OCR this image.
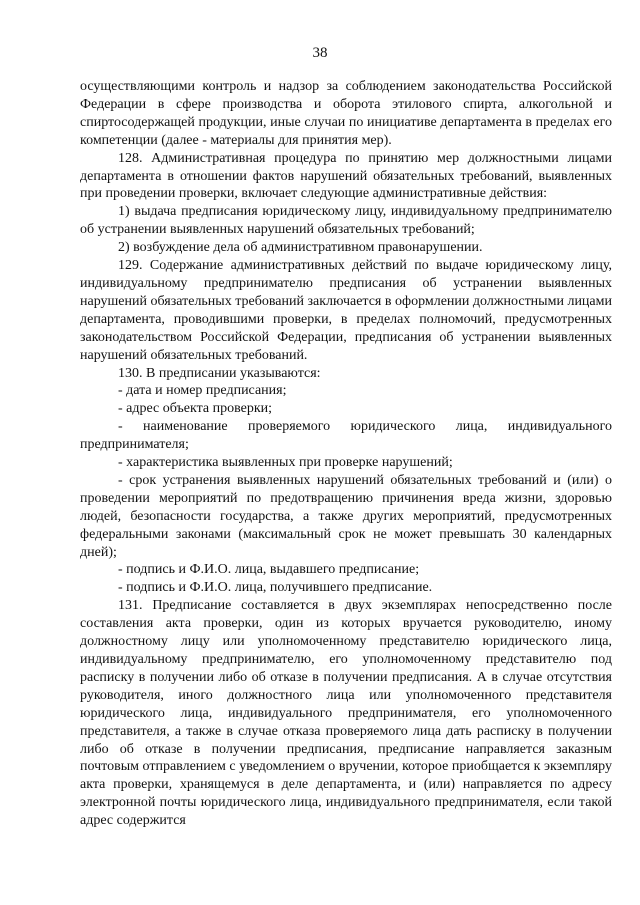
38

осуществляющими контроль и надзор за соблюдением законодательства Российской Федерации в сфере производства и оборота этилового спирта, алкогольной и спиртосодержащей продукции, иные случаи по инициативе департамента в пределах его компетенции (далее - материалы для принятия мер).

128. Административная процедура по принятию мер должностными лицами департамента в отношении фактов нарушений обязательных требований, выявленных при проведении проверки, включает следующие административные действия:

1) выдача предписания юридическому лицу, индивидуальному предпринимателю об устранении выявленных нарушений обязательных требований;

2) возбуждение дела об административном правонарушении.

129. Содержание административных действий по выдаче юридическому лицу, индивидуальному предпринимателю предписания об устранении выявленных нарушений обязательных требований заключается в оформлении должностными лицами департамента, проводившими проверки, в пределах полномочий, предусмотренных законодательством Российской Федерации, предписания об устранении выявленных нарушений обязательных требований.

130. В предписании указываются:

- дата и номер предписания;

- адрес объекта проверки;

- наименование проверяемого юридического лица, индивидуального предпринимателя;

- характеристика выявленных при проверке нарушений;

- срок устранения выявленных нарушений обязательных требований и (или) о проведении мероприятий по предотвращению причинения вреда жизни, здоровью людей, безопасности государства, а также других мероприятий, предусмотренных федеральными законами (максимальный срок не может превышать 30 календарных дней);

- подпись и Ф.И.О. лица, выдавшего предписание;

- подпись и Ф.И.О. лица, получившего предписание.

131. Предписание составляется в двух экземплярах непосредственно после составления акта проверки, один из которых вручается руководителю, иному должностному лицу или уполномоченному представителю юридического лица, индивидуальному предпринимателю, его уполномоченному представителю под расписку в получении либо об отказе в получении предписания. А в случае отсутствия руководителя, иного должностного лица или уполномоченного представителя юридического лица, индивидуального предпринимателя, его уполномоченного представителя, а также в случае отказа проверяемого лица дать расписку в получении либо об отказе в получении предписания, предписание направляется заказным почтовым отправлением с уведомлением о вручении, которое приобщается к экземпляру акта проверки, хранящемуся в деле департамента, и (или) направляется по адресу электронной почты юридического лица, индивидуального предпринимателя, если такой адрес содержится
